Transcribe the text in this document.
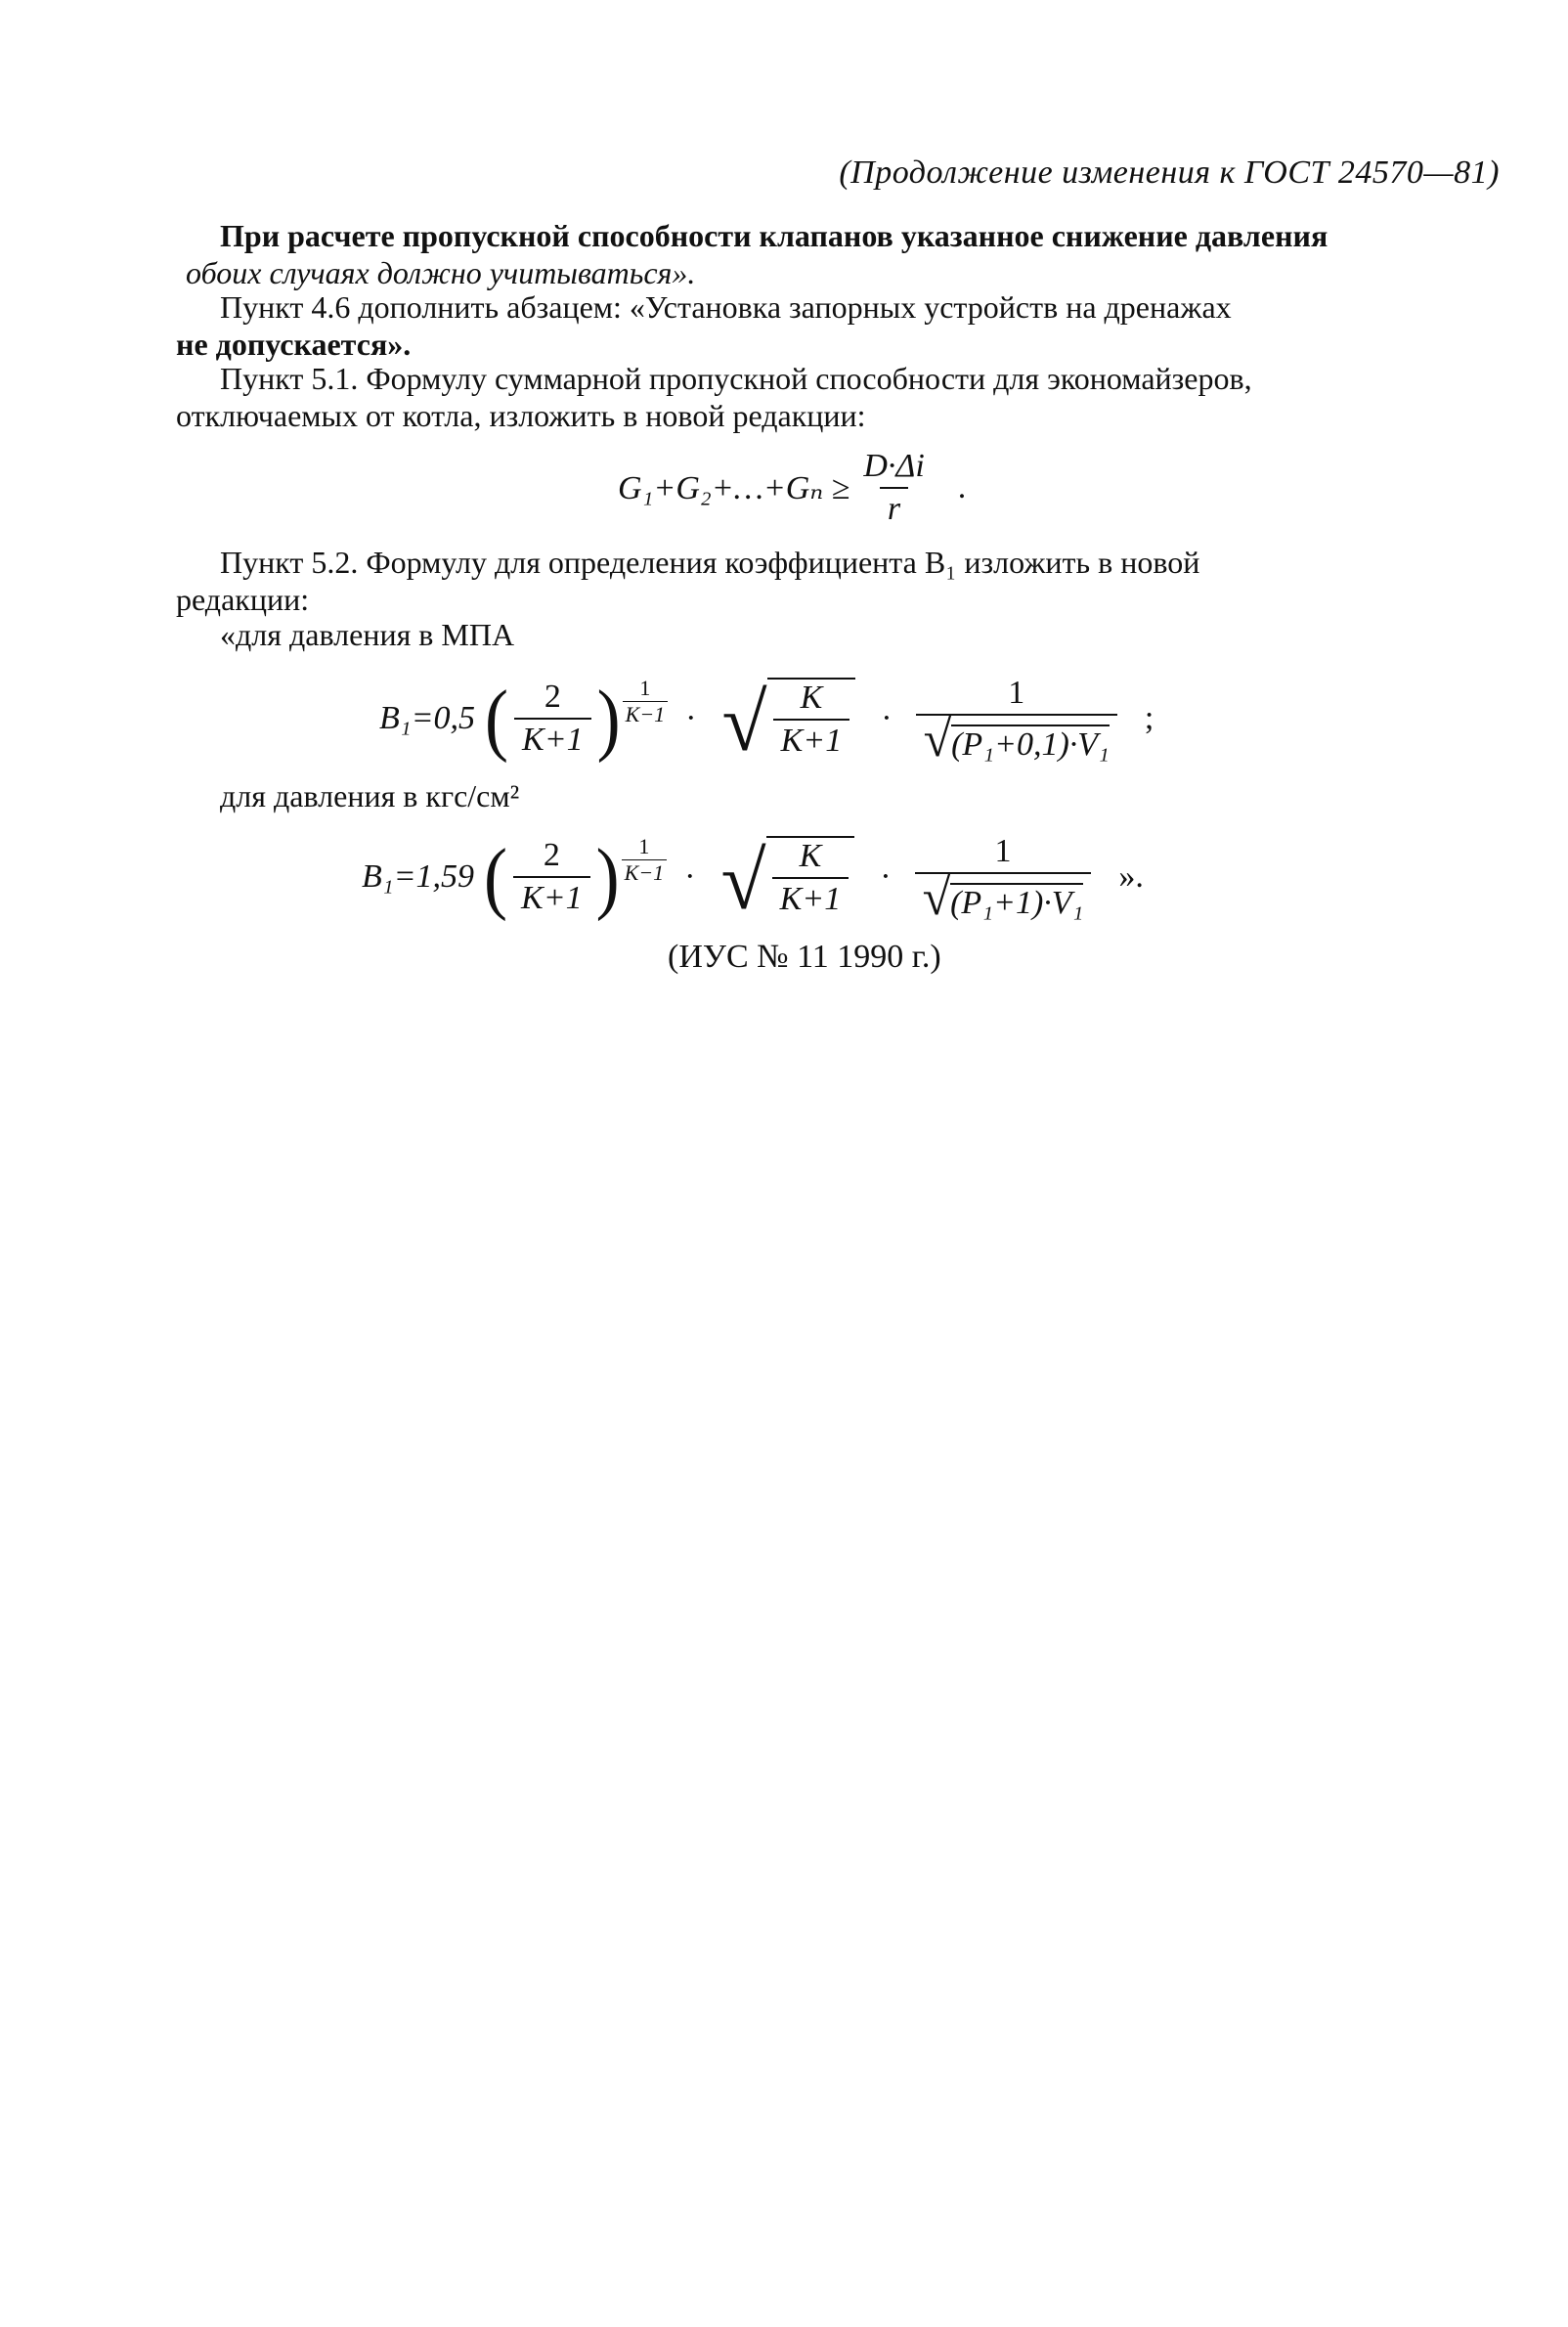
(Продолжение изменения к ГОСТ 24570—81)
При расчете пропускной способности клапанов указанное снижение давления
обоих случаях должно учитываться».
Пункт 4.6 дополнить абзацем: «Установка запорных устройств на дренажах
не допускается».
Пункт 5.1. Формулу суммарной пропускной способности для экономайзеров,
отключаемых от котла, изложить в новой редакции:
G₁+G₂+…+Gₙ ≥ $\frac{D\cdot\Delta i}{r}$ .
Пункт 5.2. Формулу для определения коэффициента B₁ изложить в новой
редакции:
«для давления в МПА
B₁=0,5 ( $\frac{2}{K+1}$ ) $\frac{1}{K-1}$ · √ $\frac{K}{K+1} \cdot \frac{1}{\text{√ (P₁+0,1)·V₁}}$ ;
для давления в кгс/см²
B₁=1,59 ( $\frac{2}{K+1}$ ) $\frac{1}{K-1}$ · √ $\frac{K}{K+1} \cdot \frac{1}{\text{√ (P₁+1)·V₁}}$ ».
(ИУС № 11 1990 г.)
